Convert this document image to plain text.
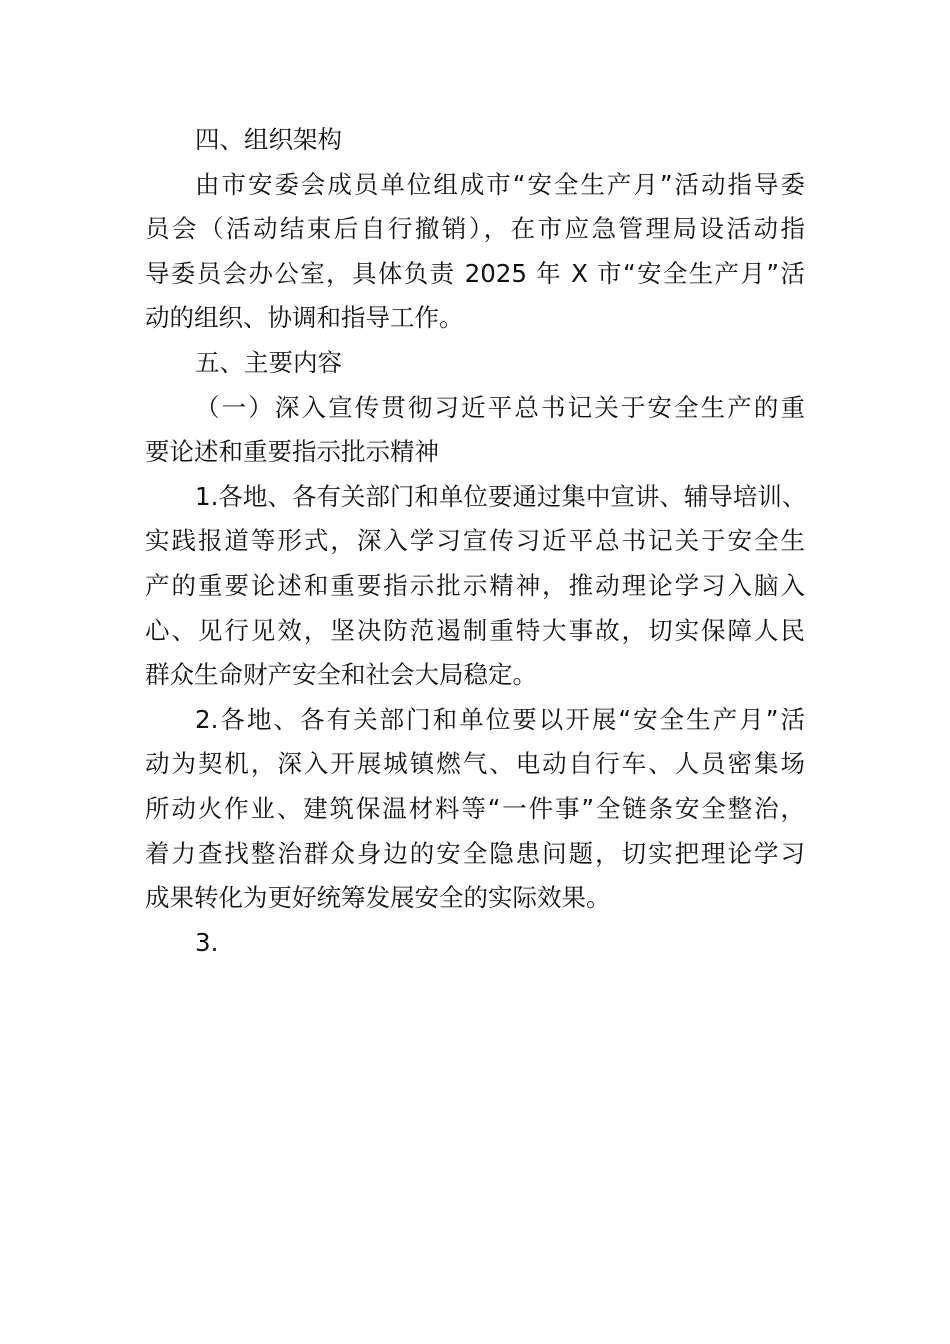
四、组织架构
由市安委会成员单位组成市“安全生产月”活动指导委
员会（活动结束后自行撤销），在市应急管理局设活动指
导委员会办公室，具体负责 2025 年 X 市“安全生产月”活
动的组织、协调和指导工作。
五、主要内容
（一）深入宣传贯彻习近平总书记关于安全生产的重
要论述和重要指示批示精神
1.各地、各有关部门和单位要通过集中宣讲、辅导培训、
实践报道等形式，深入学习宣传习近平总书记关于安全生
产的重要论述和重要指示批示精神，推动理论学习入脑入
心、见行见效，坚决防范遏制重特大事故，切实保障人民
群众生命财产安全和社会大局稳定。
2.各地、各有关部门和单位要以开展“安全生产月”活
动为契机，深入开展城镇燃气、电动自行车、人员密集场
所动火作业、建筑保温材料等“一件事”全链条安全整治，
着力查找整治群众身边的安全隐患问题，切实把理论学习
成果转化为更好统筹发展安全的实际效果。
3.
